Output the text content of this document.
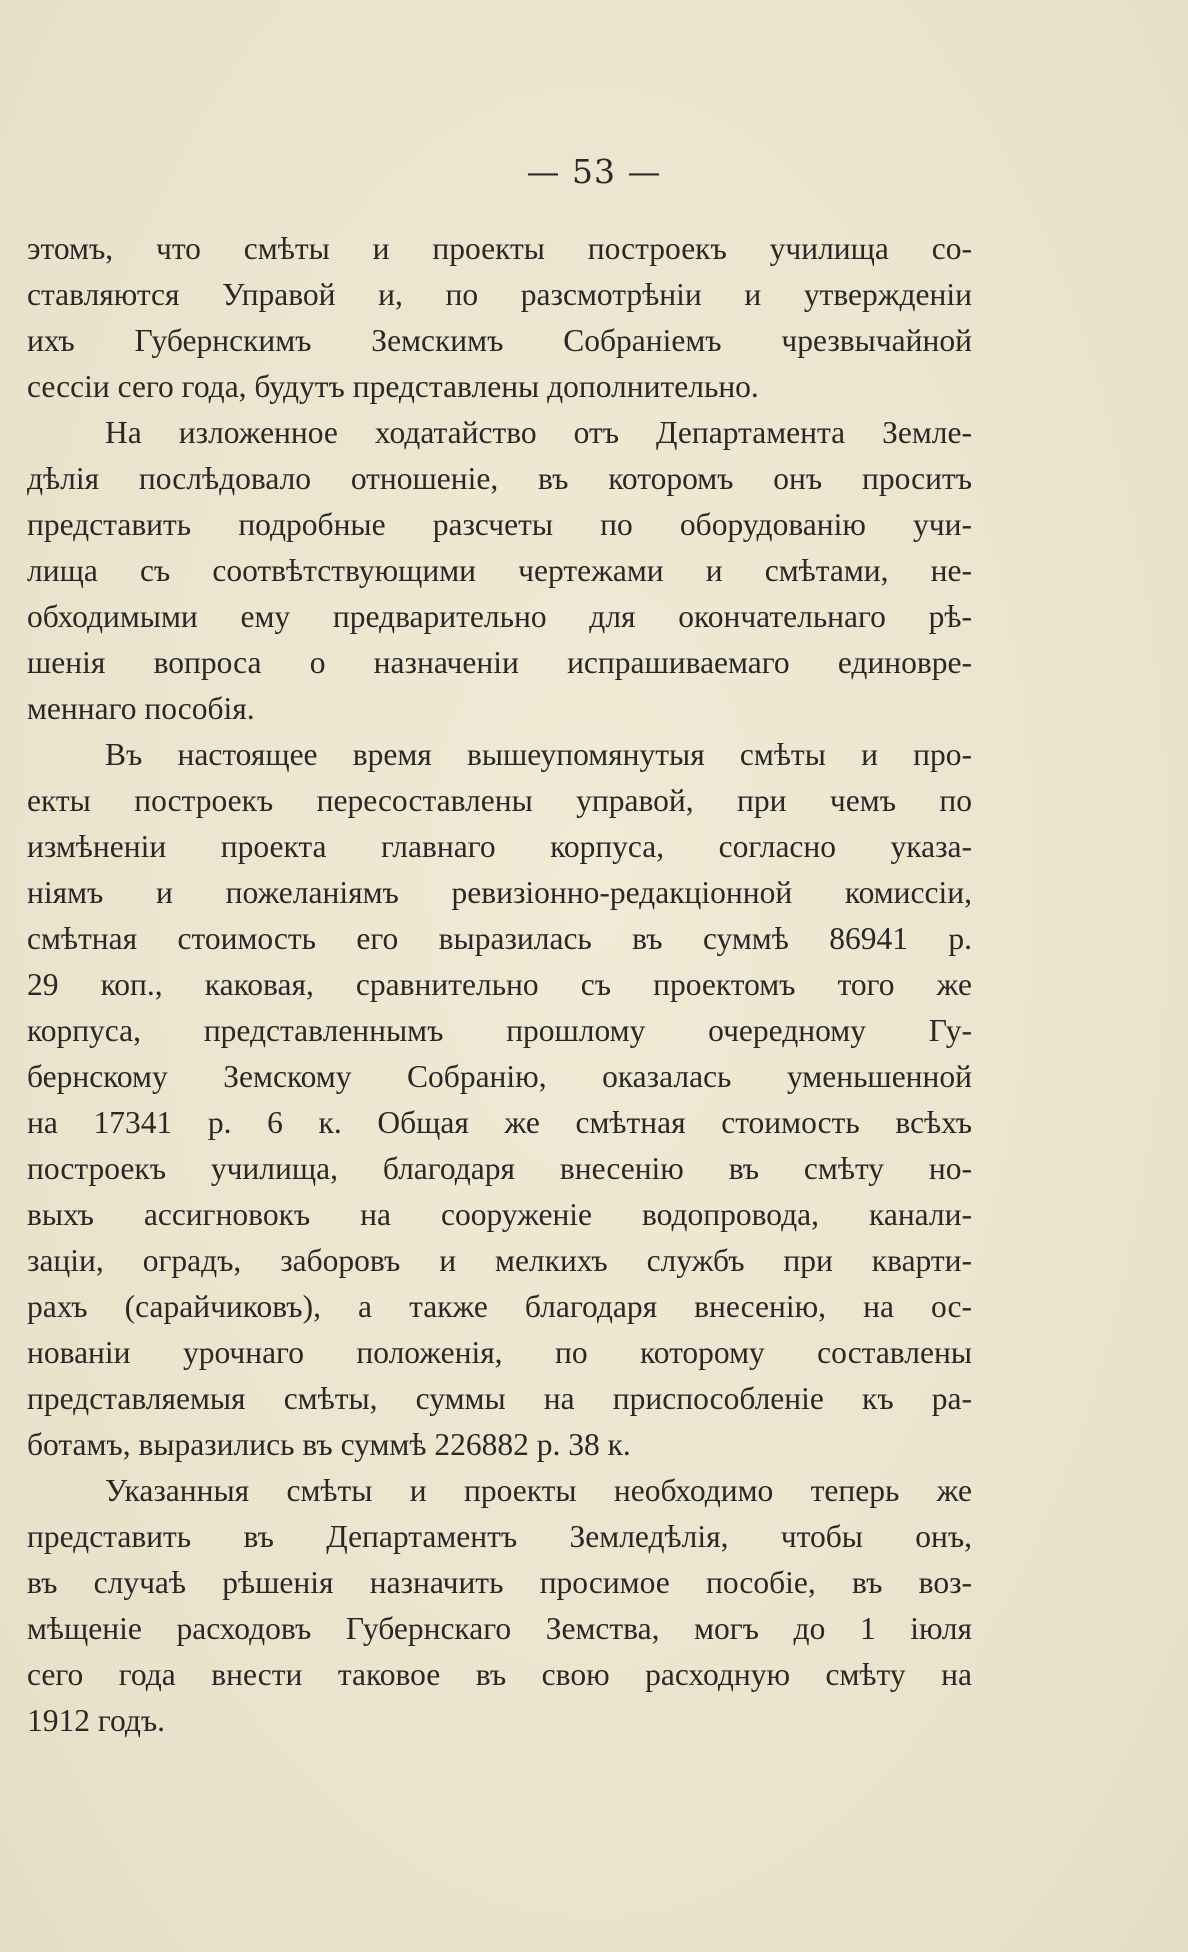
— 53 —
этомъ, что смѣты и проекты построекъ училища со-
ставляются Управой и, по разсмотрѣніи и утвержденіи
ихъ Губернскимъ Земскимъ Собраніемъ чрезвычайной
сессіи сего года, будутъ представлены дополнительно.
На изложенное ходатайство отъ Департамента Земле-
дѣлія послѣдовало отношеніе, въ которомъ онъ проситъ
представить подробные разсчеты по оборудованію учи-
лища съ соотвѣтствующими чертежами и смѣтами, не-
обходимыми ему предварительно для окончательнаго рѣ-
шенія вопроса о назначеніи испрашиваемаго единовре-
меннаго пособія.
Въ настоящее время вышеупомянутыя смѣты и про-
екты построекъ пересоставлены управой, при чемъ по
измѣненіи проекта главнаго корпуса, согласно указа-
ніямъ и пожеланіямъ ревизіонно-редакціонной комиссіи,
смѣтная стоимость его выразилась въ суммѣ 86941 р.
29 коп., каковая, сравнительно съ проектомъ того же
корпуса, представленнымъ прошлому очередному Гу-
бернскому Земскому Собранію, оказалась уменьшенной
на 17341 р. 6 к. Общая же смѣтная стоимость всѣхъ
построекъ училища, благодаря внесенію въ смѣту но-
выхъ ассигновокъ на сооруженіе водопровода, канали-
заціи, оградъ, заборовъ и мелкихъ службъ при кварти-
рахъ (сарайчиковъ), а также благодаря внесенію, на ос-
нованіи урочнаго положенія, по которому составлены
представляемыя смѣты, суммы на приспособленіе къ ра-
ботамъ, выразились въ суммѣ 226882 р. 38 к.
Указанныя смѣты и проекты необходимо теперь же
представить въ Департаментъ Земледѣлія, чтобы онъ,
въ случаѣ рѣшенія назначить просимое пособіе, въ воз-
мѣщеніе расходовъ Губернскаго Земства, могъ до 1 іюля
сего года внести таковое въ свою расходную смѣту на
1912 годъ.
